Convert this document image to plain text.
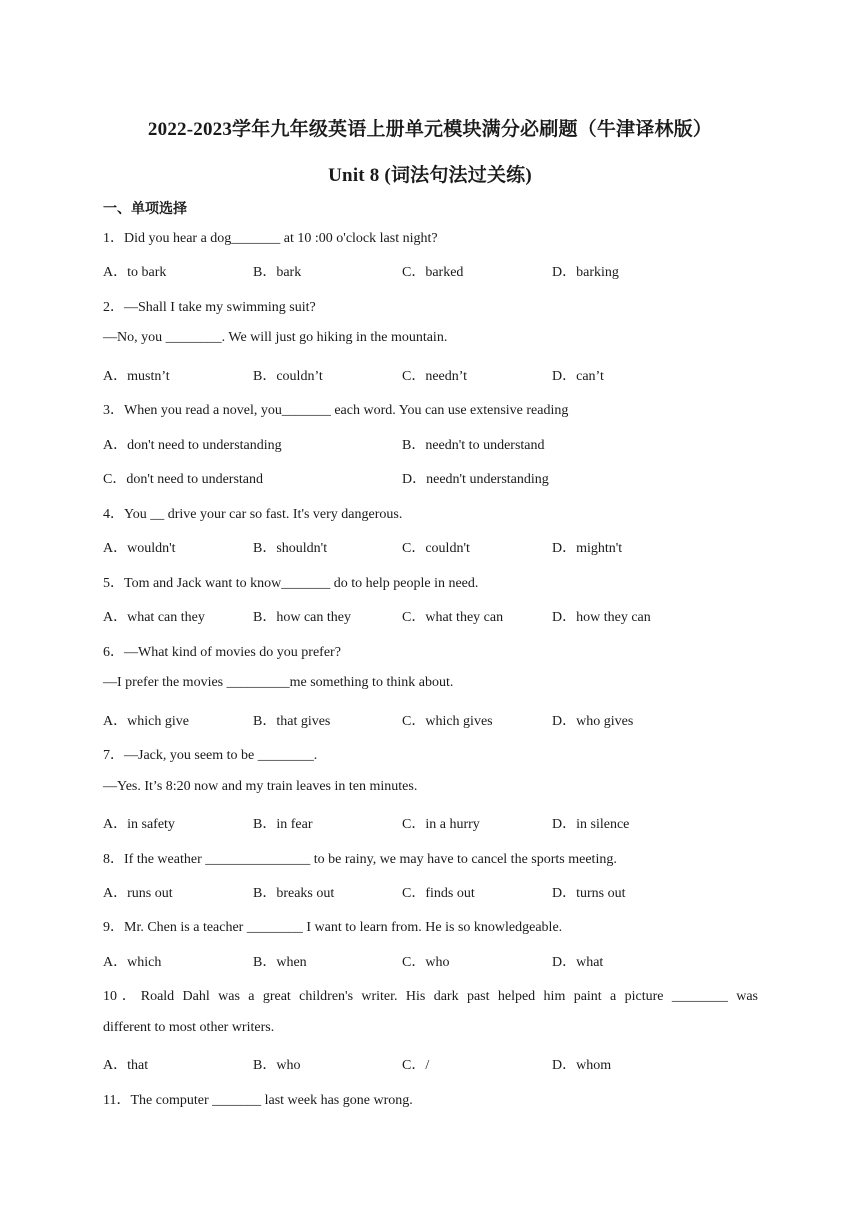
2022-2023学年九年级英语上册单元模块满分必刷题（牛津译林版）
Unit 8 (词法句法过关练)
一、单项选择
1．Did you hear a dog_______ at 10 :00 o'clock last night?
A．to bark	B．bark	C．barked	D．barking
2．—Shall I take my swimming suit?
—No, you ________. We will just go hiking in the mountain.
A．mustn’t	B．couldn’t	C．needn’t	D．can’t
3．When you read a novel, you_______ each word. You can use extensive reading
A．don't need to understanding	B．needn't to understand
C．don't need to understand	D．needn't understanding
4．You __ drive your car so fast. It's very dangerous.
A．wouldn't	B．shouldn't	C．couldn't	D．mightn't
5．Tom and Jack want to know_______ do to help people in need.
A．what can they	B．how can they	C．what they can	D．how they can
6．—What kind of movies do you prefer?
—I prefer the movies _________me something to think about.
A．which give	B．that gives	C．which gives	D．who gives
7．—Jack, you seem to be ________.
—Yes. It’s 8:20 now and my train leaves in ten minutes.
A．in safety	B．in fear	C．in a hurry	D．in silence
8．If the weather _______________ to be rainy, we may have to cancel the sports meeting.
A．runs out	B．breaks out	C．finds out	D．turns out
9．Mr. Chen is a teacher ________ I want to learn from. He is so knowledgeable.
A．which	B．when	C．who	D．what
10．Roald Dahl was a great children's writer. His dark past helped him paint a picture ________ was
different to most other writers.
A．that	B．who	C．/	D．whom
11．The computer _______ last week has gone wrong.
